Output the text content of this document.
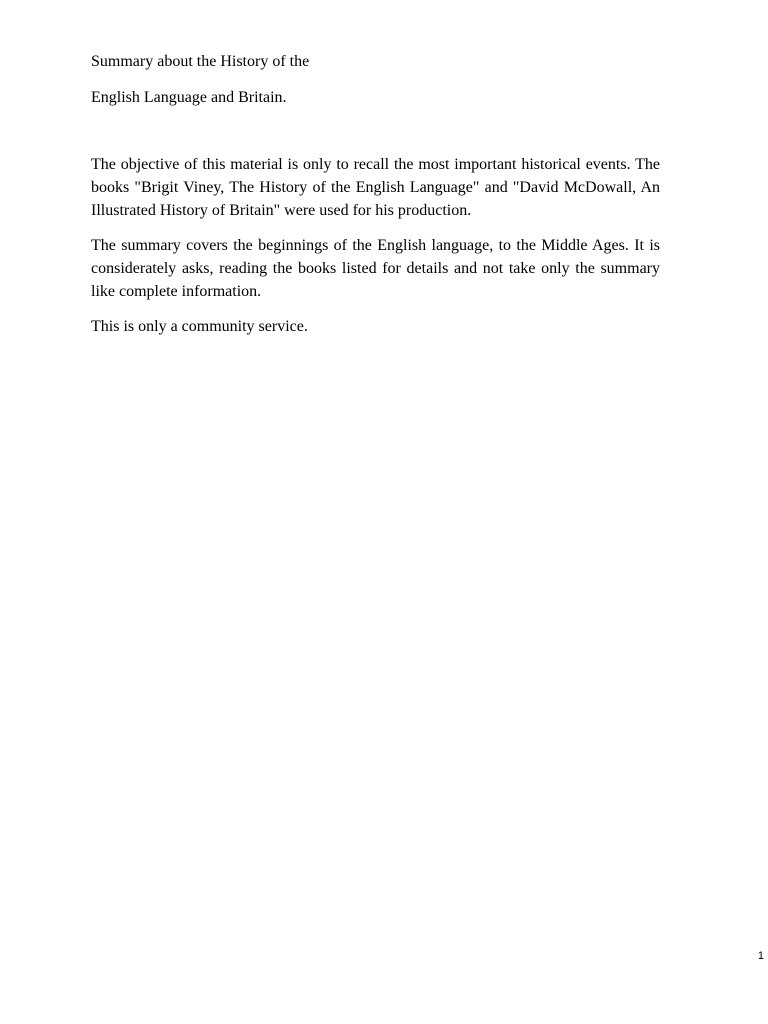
Summary about the History of the

English Language and Britain.

The objective of this material is only to recall the most important historical events. The books "Brigit Viney, The History of the English Language" and "David McDowall, An Illustrated History of Britain" were used for his production.

The summary covers the beginnings of the English language, to the Middle Ages. It is considerately asks, reading the books listed for details and not take only the summary like complete information.

This is only a community service.

1
